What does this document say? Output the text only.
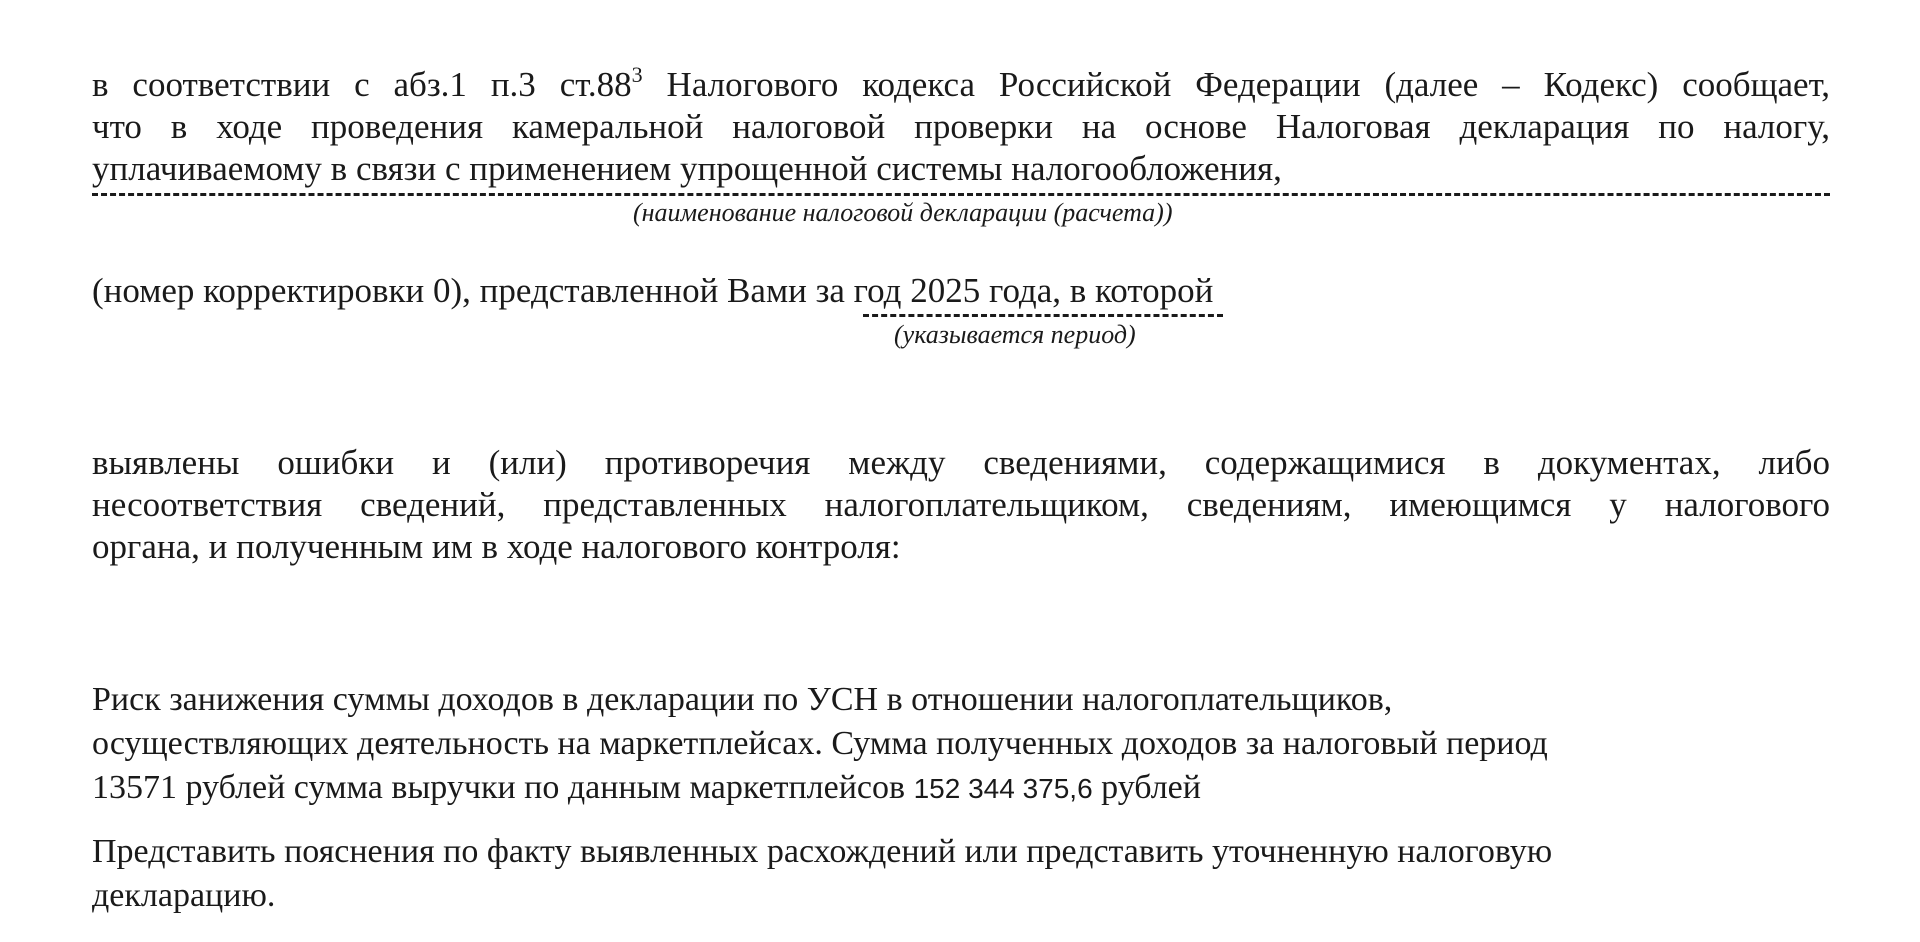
в соответствии с абз.1 п.3 $ст.88^3$ Налогового кодекса Российской Федерации (далее – Кодекс) сообщает,
что в ходе проведения камеральной налоговой проверки на основе Налоговая декларация по налогу,
уплачиваемому в связи с применением упрощенной системы налогообложения,
(наименование налоговой декларации (расчета))
(номер корректировки 0), представленной Вами за год 2025 года, в которой
(указывается период)
выявлены ошибки и (или) противоречия между сведениями, содержащимися в документах, либо
несоответствия сведений, представленных налогоплательщиком, сведениям, имеющимся у налогового
органа, и полученным им в ходе налогового контроля:
Риск занижения суммы доходов в декларации по УСН в отношении налогоплательщиков,
осуществляющих деятельность на маркетплейсах. Сумма полученных доходов за налоговый период
13571 рублей сумма выручки по данным маркетплейсов 152 344 375,6 рублей
Представить пояснения по факту выявленных расхождений или представить уточненную налоговую
декларацию.
